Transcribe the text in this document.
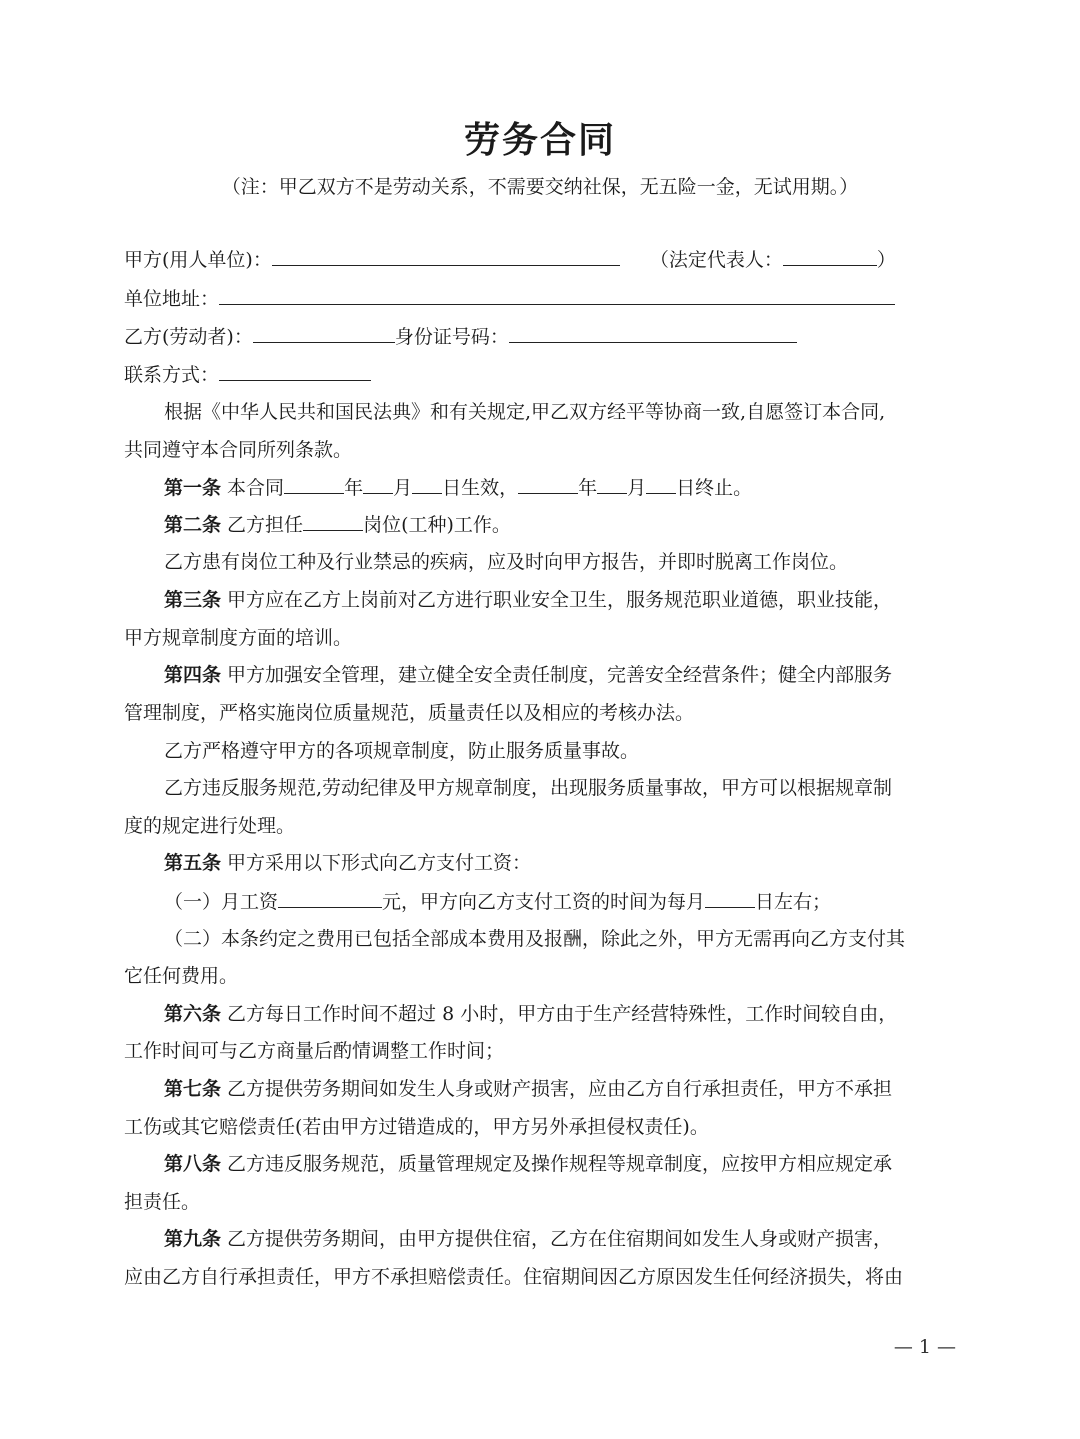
劳务合同
（注：甲乙双方不是劳动关系，不需要交纳社保，无五险一金，无试用期。）
甲方(用人单位)：	（法定代表人：	）
单位地址：
乙方(劳动者)：	身份证号码：
联系方式：
根据《中华人民共和国民法典》和有关规定,甲乙双方经平等协商一致,自愿签订本合同,
共同遵守本合同所列条款。
第一条 本合同	年 月 日生效，	年 月 日终止。
第二条 乙方担任	岗位(工种)工作。
乙方患有岗位工种及行业禁忌的疾病，应及时向甲方报告，并即时脱离工作岗位。
第三条 甲方应在乙方上岗前对乙方进行职业安全卫生，服务规范职业道德，职业技能，
甲方规章制度方面的培训。
第四条 甲方加强安全管理，建立健全安全责任制度，完善安全经营条件；健全内部服务
管理制度，严格实施岗位质量规范，质量责任以及相应的考核办法。
乙方严格遵守甲方的各项规章制度，防止服务质量事故。
乙方违反服务规范,劳动纪律及甲方规章制度，出现服务质量事故，甲方可以根据规章制
度的规定进行处理。
第五条 甲方采用以下形式向乙方支付工资：
（一）月工资	元，甲方向乙方支付工资的时间为每月	日左右；
（二）本条约定之费用已包括全部成本费用及报酬，除此之外，甲方无需再向乙方支付其
它任何费用。
第六条 乙方每日工作时间不超过 8 小时，甲方由于生产经营特殊性，工作时间较自由，
工作时间可与乙方商量后酌情调整工作时间；
第七条 乙方提供劳务期间如发生人身或财产损害，应由乙方自行承担责任，甲方不承担
工伤或其它赔偿责任(若由甲方过错造成的，甲方另外承担侵权责任)。
第八条 乙方违反服务规范，质量管理规定及操作规程等规章制度，应按甲方相应规定承
担责任。
第九条 乙方提供劳务期间，由甲方提供住宿，乙方在住宿期间如发生人身或财产损害，
应由乙方自行承担责任，甲方不承担赔偿责任。住宿期间因乙方原因发生任何经济损失，将由
— 1 —
